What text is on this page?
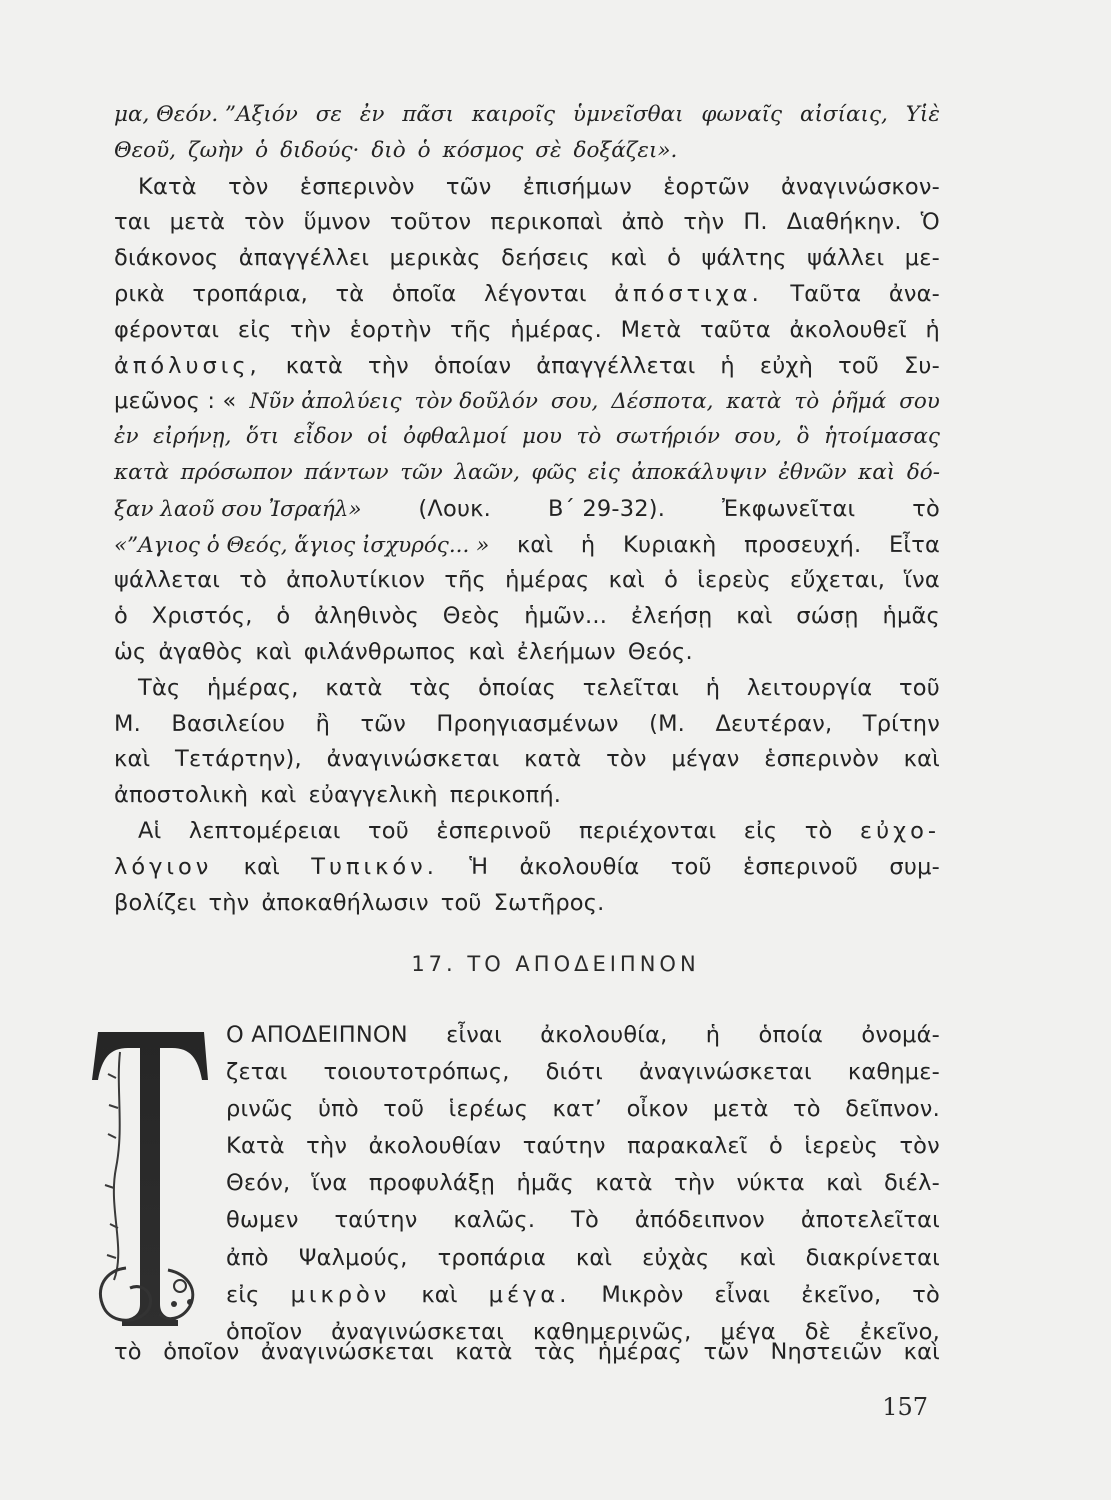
μα, Θεόν. ”Αξιόν σε ἐν πᾶσι καιροῖς ὑμνεῖσθαι φωναῖς αἰσίαις, Υἱὲ
Θεοῦ, ζωὴν ὁ διδούς· διὸ ὁ κόσμος σὲ δοξάζει».
Κατὰ τὸν ἑσπερινὸν τῶν ἐπισήμων ἑορτῶν ἀναγινώσκον-
ται μετὰ τὸν ὕμνον τοῦτον περικοπαὶ ἀπὸ τὴν Π. Διαθήκην. Ὁ
διάκονος ἀπαγγέλλει μερικὰς δεήσεις καὶ ὁ ψάλτης ψάλλει με-
ρικὰ τροπάρια, τὰ ὁποῖα λέγονται ἀπόστιχα. Ταῦτα ἀνα-
φέρονται εἰς τὴν ἑορτὴν τῆς ἡμέρας. Μετὰ ταῦτα ἀκολουθεῖ ἡ
ἀπόλυσις, κατὰ τὴν ὁποίαν ἀπαγγέλλεται ἡ εὐχὴ τοῦ Συ-
μεῶνος : « Νῦν ἀπολύεις τὸν δοῦλόν σου, Δέσποτα, κατὰ τὸ ῥῆμά σου
ἐν εἰρήνῃ, ὅτι εἶδον οἱ ὀφθαλμοί μου τὸ σωτήριόν σου, ὃ ἡτοίμασας
κατὰ πρόσωπον πάντων τῶν λαῶν, φῶς εἰς ἀποκάλυψιν ἐθνῶν καὶ δό-
ξαν λαοῦ σου Ἰσραήλ»	(Λουκ.	Β΄ 29-32).	Ἐκφωνεῖται	τὸ
«”Αγιος ὁ Θεός, ἅγιος ἰσχυρός... » καὶ ἡ Κυριακὴ προσευχή. Εἶτα
ψάλλεται τὸ ἀπολυτίκιον τῆς ἡμέρας καὶ ὁ ἱερεὺς εὔχεται, ἵνα
ὁ Χριστός, ὁ ἀληθινὸς Θεὸς ἡμῶν... ἐλεήσῃ καὶ σώσῃ ἡμᾶς
ὡς ἀγαθὸς καὶ φιλάνθρωπος καὶ ἐλεήμων Θεός.
Τὰς ἡμέρας, κατὰ τὰς ὁποίας τελεῖται ἡ λειτουργία τοῦ
Μ. Βασιλείου ἢ τῶν Προηγιασμένων (Μ. Δευτέραν, Τρίτην
καὶ Τετάρτην), ἀναγινώσκεται κατὰ τὸν μέγαν ἑσπερινὸν καὶ
ἀποστολικὴ καὶ εὐαγγελικὴ περικοπή.
Αἱ λεπτομέρειαι τοῦ ἑσπερινοῦ περιέχονται εἰς τὸ εὐχο-
λόγιον καὶ Τυπικόν. Ἡ ἀκολουθία τοῦ ἑσπερινοῦ συμ-
βολίζει τὴν ἀποκαθήλωσιν τοῦ Σωτῆρος.
17. ΤΟ ΑΠΟΔΕΙΠΝΟΝ
Ο ΑΠΟΔΕΙΠΝΟΝ εἶναι ἀκολουθία, ἡ ὁποία ὀνομά-
ζεται τοιουτοτρόπως, διότι ἀναγινώσκεται καθημε-
ρινῶς ὑπὸ τοῦ ἱερέως κατ’ οἶκον μετὰ τὸ δεῖπνον.
Κατὰ τὴν ἀκολουθίαν ταύτην παρακαλεῖ ὁ ἱερεὺς τὸν
Θεόν, ἵνα προφυλάξῃ ἡμᾶς κατὰ τὴν νύκτα καὶ διέλ-
θωμεν ταύτην καλῶς. Τὸ ἀπόδειπνον ἀποτελεῖται
ἀπὸ Ψαλμούς, τροπάρια καὶ εὐχὰς καὶ διακρίνεται
εἰς μικρὸν καὶ μέγα. Μικρὸν εἶναι ἐκεῖνο, τὸ
ὁποῖον ἀναγινώσκεται καθημερινῶς, μέγα δὲ ἐκεῖνο,
τὸ ὁποῖον ἀναγινώσκεται κατὰ τὰς ἡμέρας τῶν Νηστειῶν καὶ
157
